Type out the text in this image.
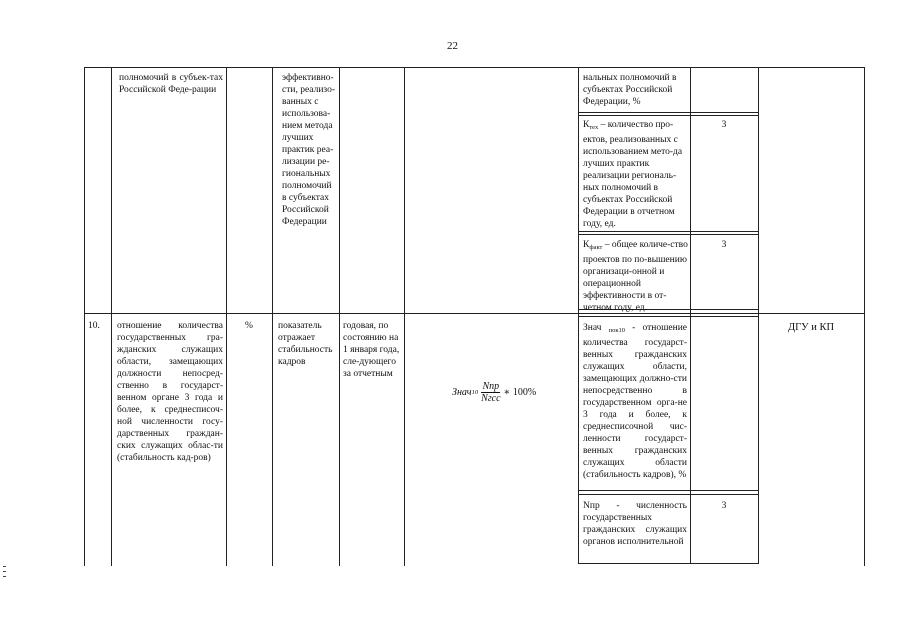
22
полномочий в субъек-тах Российской Феде-рации
эффективно-сти, реализо-ванных с использова-нием метода лучших практик реа-лизации ре-гиональных полномочий в субъектах Российской Федерации
нальных полномочий в субъектах Российской Федерации, %
$К_{тех}$ – количество про-ектов, реализованных с использованием мето-да лучших практик реализации региональ-ных полномочий в субъектах Российской Федерации в отчетном году, ед.
3
$К_{факт}$ – общее количе-ство проектов по по-вышению организаци-онной и операционной эффективности в от-четном году, ед.
3
10. отношение количества государственных гра-жданских служащих области, замещающих должности непосред-ственно в государст-венном органе 3 года и более, к среднесписоч-ной численности госу-дарственных граждан-ских служащих облас-ти (стабильность кад-ров)
%	показатель отражает стабильность кадров
годовая, по состоянию на 1 января года, сле-дующего за отчетным
Знач $10 \frac{\text{Nпр}}{\text{Nгсс}}$ ∗ 100%
Знач $_{пок10}$ - отношение количества государст-венных гражданских служащих области, замещающих должно-сти непосредственно в государственном орга-не 3 года и более, к среднесписочной чис-ленности государст-венных гражданских служащих области (стабильность кадров), %
Nпр - численность государственных гражданских служащих органов исполнительной
3
ДГУ и КП
